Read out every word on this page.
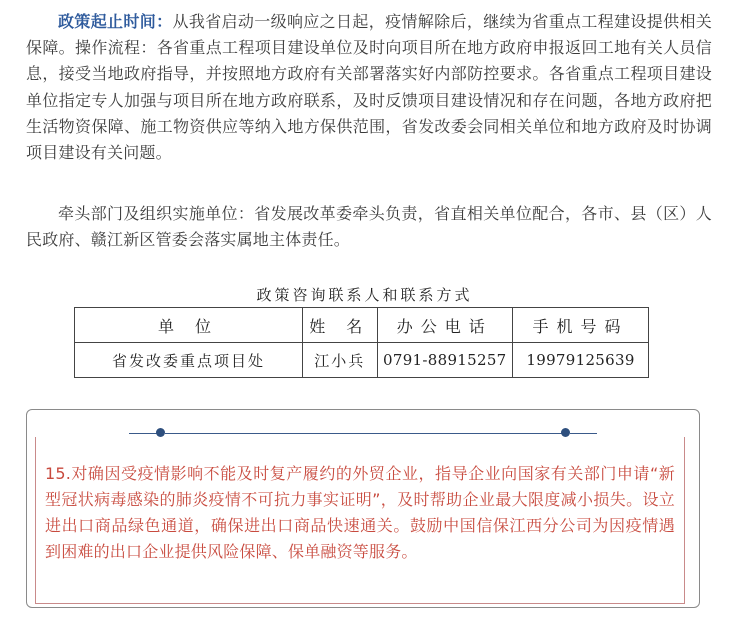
政策起止时间：从我省启动一级响应之日起，疫情解除后，继续为省重点工程建设提供相关保障。操作流程：各省重点工程项目建设单位及时向项目所在地方政府申报返回工地有关人员信息，接受当地政府指导，并按照地方政府有关部署落实好内部防控要求。各省重点工程项目建设单位指定专人加强与项目所在地方政府联系，及时反馈项目建设情况和存在问题，各地方政府把生活物资保障、施工物资供应等纳入地方保供范围，省发改委会同相关单位和地方政府及时协调项目建设有关问题。

牵头部门及组织实施单位：省发展改革委牵头负责，省直相关单位配合，各市、县（区）人民政府、赣江新区管委会落实属地主体责任。

政策咨询联系人和联系方式
单 位	姓 名	办公电话	手机号码
省发改委重点项目处	江小兵	0791-88915257	19979125639

15.对确因受疫情影响不能及时复产履约的外贸企业，指导企业向国家有关部门申请“新型冠状病毒感染的肺炎疫情不可抗力事实证明”，及时帮助企业最大限度减小损失。设立进出口商品绿色通道，确保进出口商品快速通关。鼓励中国信保江西分公司为因疫情遇到困难的出口企业提供风险保障、保单融资等服务。
